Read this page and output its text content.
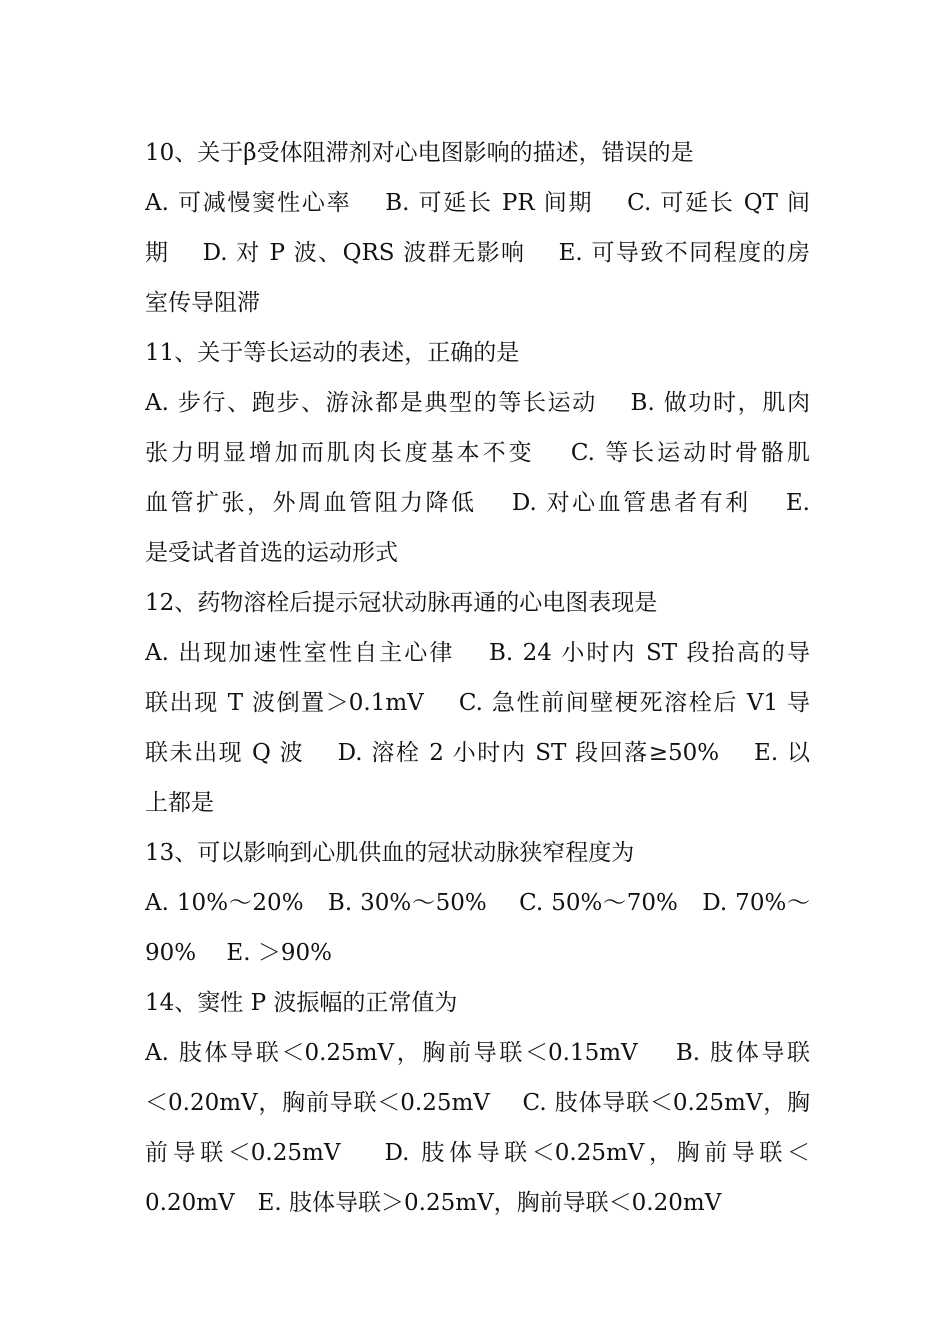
10、关于β受体阻滞剂对心电图影响的描述，错误的是
A. 可减慢窦性心率　 B. 可延长 PR 间期　 C. 可延长 QT 间
期　 D. 对 P 波、QRS 波群无影响　 E. 可导致不同程度的房
室传导阻滞
11、关于等长运动的表述，正确的是
A. 步行、跑步、游泳都是典型的等长运动　 B. 做功时，肌肉
张力明显增加而肌肉长度基本不变　 C. 等长运动时骨骼肌
血管扩张，外周血管阻力降低　 D. 对心血管患者有利　 E.
是受试者首选的运动形式
12、药物溶栓后提示冠状动脉再通的心电图表现是
A. 出现加速性室性自主心律　 B. 24 小时内 ST 段抬高的导
联出现 T 波倒置＞0.1mV　 C. 急性前间壁梗死溶栓后 V1 导
联未出现 Q 波　 D. 溶栓 2 小时内 ST 段回落≥50%　 E. 以
上都是
13、可以影响到心肌供血的冠状动脉狭窄程度为
A. 10%～20%　B. 30%～50%　 C. 50%～70%　D. 70%～
90%　 E. ＞90%
14、窦性 P 波振幅的正常值为
A. 肢体导联＜0.25mV，胸前导联＜0.15mV　 B. 肢体导联
＜0.20mV，胸前导联＜0.25mV　 C. 肢体导联＜0.25mV，胸
前导联＜0.25mV　 D. 肢体导联＜0.25mV，胸前导联＜
0.20mV　E. 肢体导联＞0.25mV，胸前导联＜0.20mV
